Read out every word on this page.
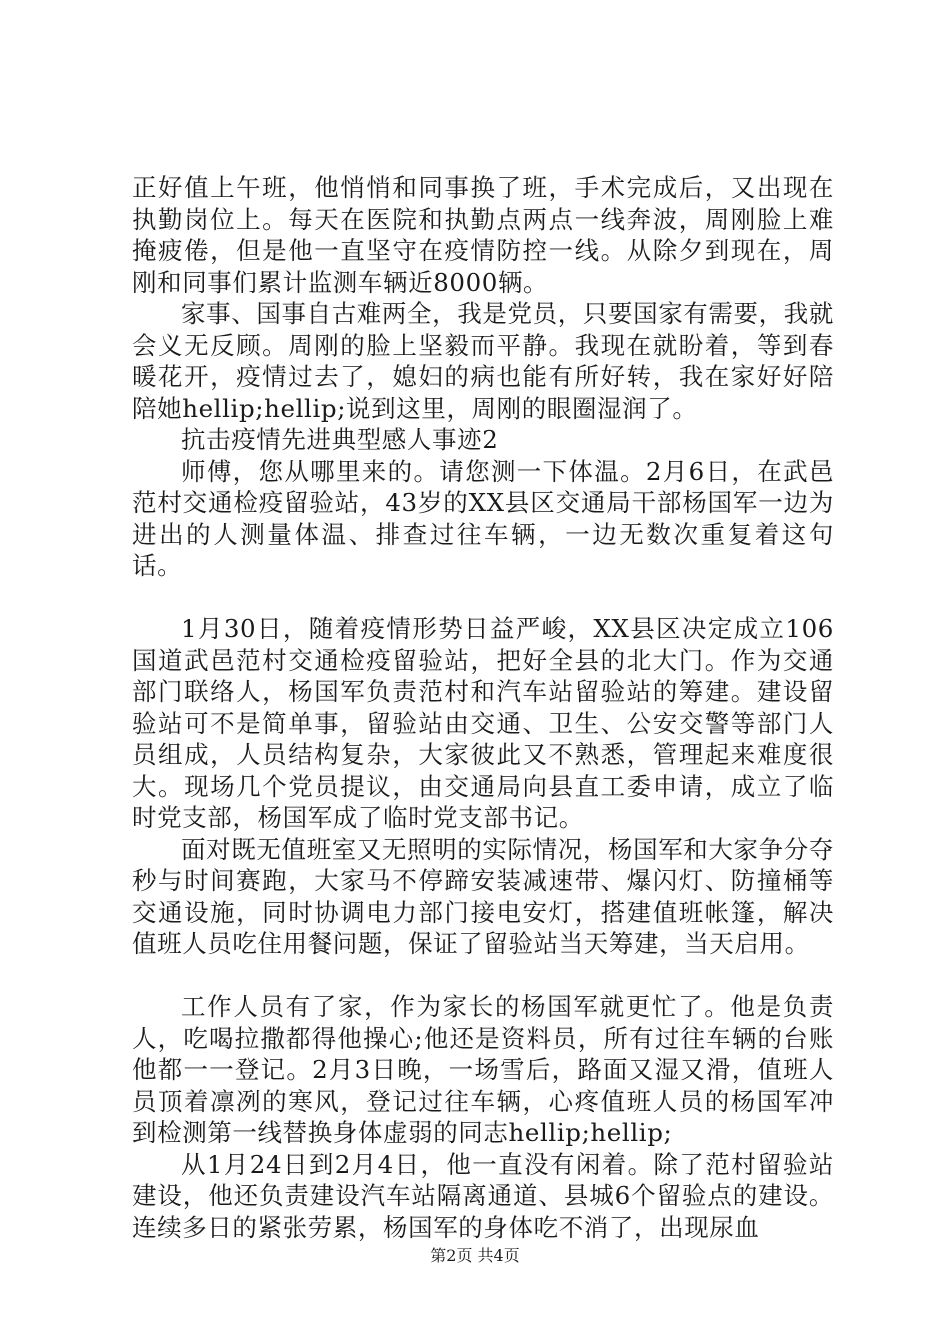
正好值上午班，他悄悄和同事换了班，手术完成后，又出现在执勤岗位上。每天在医院和执勤点两点一线奔波，周刚脸上难掩疲倦，但是他一直坚守在疫情防控一线。从除夕到现在，周刚和同事们累计监测车辆近8000辆。

家事、国事自古难两全，我是党员，只要国家有需要，我就会义无反顾。周刚的脸上坚毅而平静。我现在就盼着，等到春暖花开，疫情过去了，媳妇的病也能有所好转，我在家好好陪陪她hellip;hellip;说到这里，周刚的眼圈湿润了。

抗击疫情先进典型感人事迹2

师傅，您从哪里来的。请您测一下体温。2月6日，在武邑范村交通检疫留验站，43岁的XX县区交通局干部杨国军一边为进出的人测量体温、排查过往车辆，一边无数次重复着这句话。

1月30日，随着疫情形势日益严峻，XX县区决定成立106国道武邑范村交通检疫留验站，把好全县的北大门。作为交通部门联络人，杨国军负责范村和汽车站留验站的筹建。建设留验站可不是简单事，留验站由交通、卫生、公安交警等部门人员组成，人员结构复杂，大家彼此又不熟悉，管理起来难度很大。现场几个党员提议，由交通局向县直工委申请，成立了临时党支部，杨国军成了临时党支部书记。

面对既无值班室又无照明的实际情况，杨国军和大家争分夺秒与时间赛跑，大家马不停蹄安装减速带、爆闪灯、防撞桶等交通设施，同时协调电力部门接电安灯，搭建值班帐篷，解决值班人员吃住用餐问题，保证了留验站当天筹建，当天启用。

工作人员有了家，作为家长的杨国军就更忙了。他是负责人，吃喝拉撒都得他操心;他还是资料员，所有过往车辆的台账他都一一登记。2月3日晚，一场雪后，路面又湿又滑，值班人员顶着凛冽的寒风，登记过往车辆，心疼值班人员的杨国军冲到检测第一线替换身体虚弱的同志hellip;hellip;

从1月24日到2月4日，他一直没有闲着。除了范村留验站建设，他还负责建设汽车站隔离通道、县城6个留验点的建设。连续多日的紧张劳累，杨国军的身体吃不消了，出现尿血

第2页 共4页
